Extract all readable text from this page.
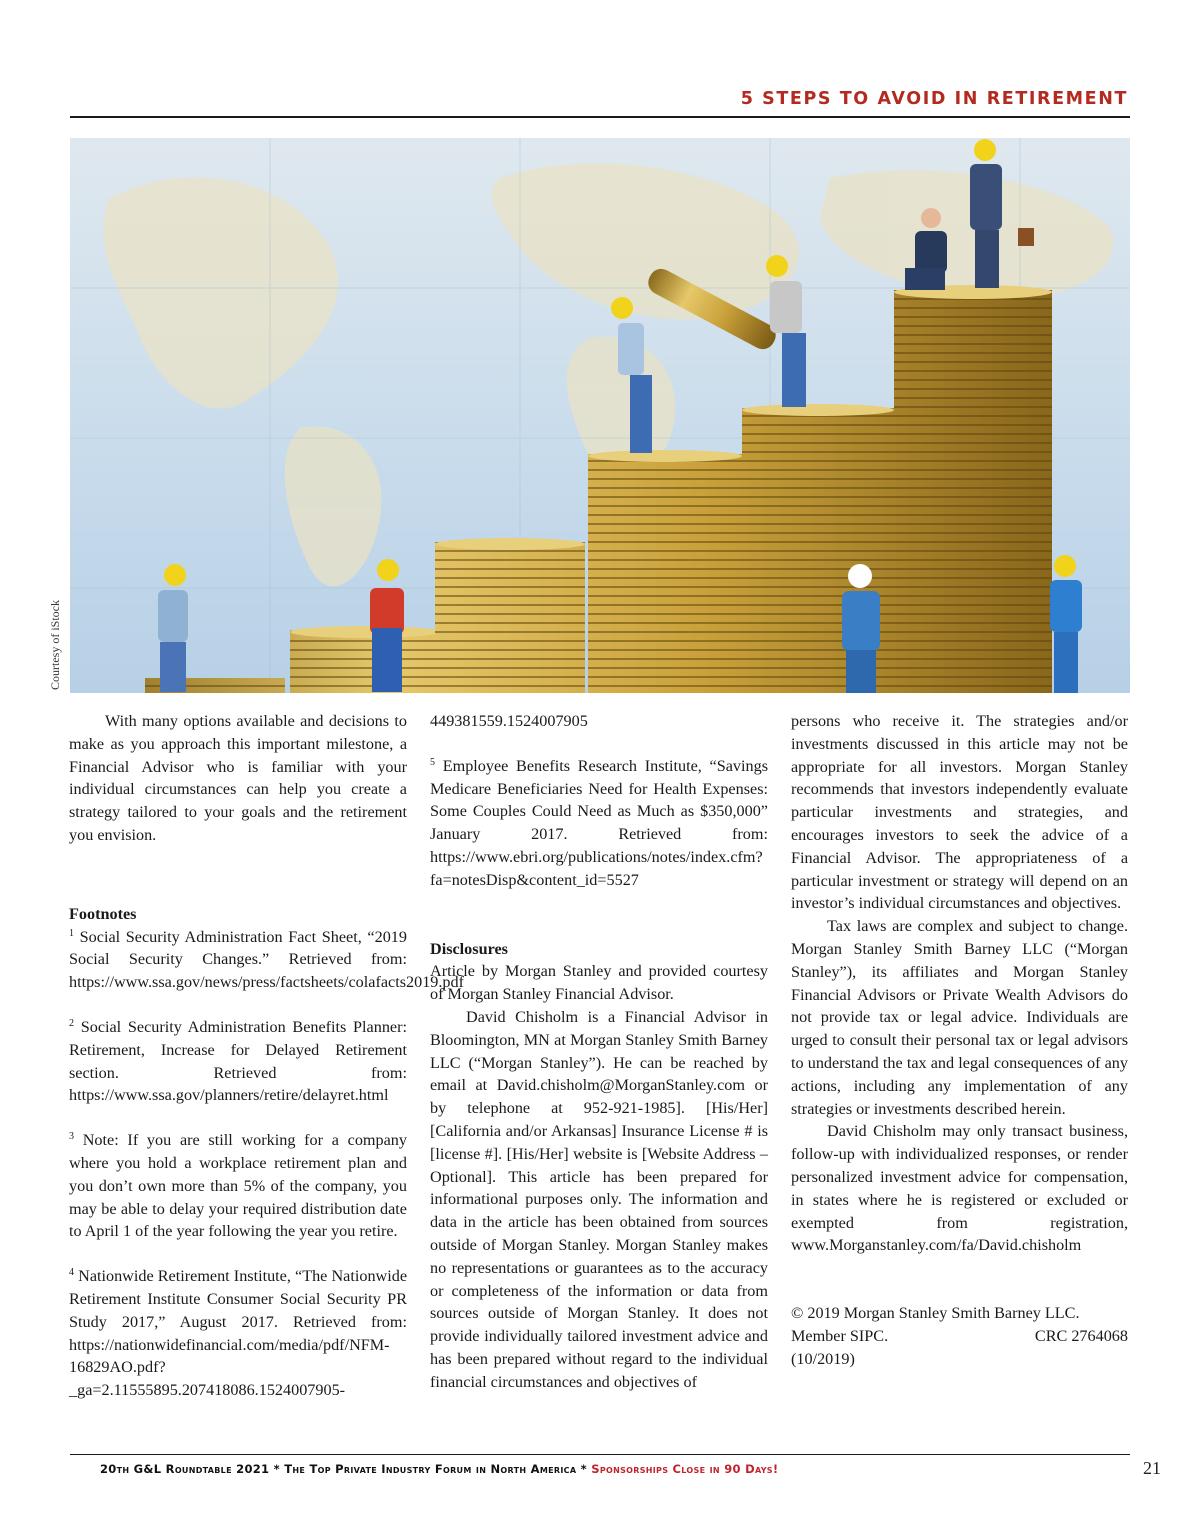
5 STEPS TO AVOID IN RETIREMENT
Courtesy of iStock

With many options available and decisions to make as you approach this important milestone, a Financial Advisor who is familiar with your individual circumstances can help you create a strategy tailored to your goals and the retirement you envision.

Footnotes

$^1$ Social Security Administration Fact Sheet, “2019 Social Security Changes.” Retrieved from: https://www.ssa.gov/news/press/factsheets/colafacts2019.pdf

$^2$ Social Security Administration Benefits Planner: Retirement, Increase for Delayed Retirement section. Retrieved from: https://www.ssa.gov/planners/retire/delayret.html

$^3$ Note: If you are still working for a company where you hold a workplace retirement plan and you don’t own more than 5% of the company, you may be able to delay your required distribution date to April 1 of the year following the year you retire.

$^4$ Nationwide Retirement Institute, “The Nationwide Retirement Institute Consumer Social Security PR Study 2017,” August 2017. Retrieved from: https://nationwidefinancial.com/media/pdf/NFM-16829AO.pdf?_ga=2.11555895.207418086.1524007905-

449381559.1524007905

$^5$ Employee Benefits Research Institute, “Savings Medicare Beneficiaries Need for Health Expenses: Some Couples Could Need as Much as $350,000” January 2017. Retrieved from: https://www.ebri.org/publications/notes/index.cfm?fa=notesDisp&content_id=5527

Disclosures

Article by Morgan Stanley and provided courtesy of Morgan Stanley Financial Advisor.

David Chisholm is a Financial Advisor in Bloomington, MN at Morgan Stanley Smith Barney LLC (“Morgan Stanley”). He can be reached by email at David.chisholm@MorganStanley.com or by telephone at 952-921-1985]. [His/Her] [California and/or Arkansas] Insurance License # is [license #]. [His/Her] website is [Website Address – Optional]. This article has been prepared for informational purposes only. The information and data in the article has been obtained from sources outside of Morgan Stanley. Morgan Stanley makes no representations or guarantees as to the accuracy or completeness of the information or data from sources outside of Morgan Stanley. It does not provide individually tailored investment advice and has been prepared without regard to the individual financial circumstances and objectives of

persons who receive it. The strategies and/or investments discussed in this article may not be appropriate for all investors. Morgan Stanley recommends that investors independently evaluate particular investments and strategies, and encourages investors to seek the advice of a Financial Advisor. The appropriateness of a particular investment or strategy will depend on an investor’s individual circumstances and objectives.

Tax laws are complex and subject to change. Morgan Stanley Smith Barney LLC (“Morgan Stanley”), its affiliates and Morgan Stanley Financial Advisors or Private Wealth Advisors do not provide tax or legal advice. Individuals are urged to consult their personal tax or legal advisors to understand the tax and legal consequences of any actions, including any implementation of any strategies or investments described herein.

David Chisholm may only transact business, follow-up with individualized responses, or render personalized investment advice for compensation, in states where he is registered or excluded or exempted from registration, www.Morganstanley.com/fa/David.chisholm

© 2019 Morgan Stanley Smith Barney LLC.

Member SIPC.	CRC 2764068

(10/2019)

20th G&L Roundtable 2021 * The Top Private Industry Forum in North America * Sponsorships Close in 90 Days!	21
